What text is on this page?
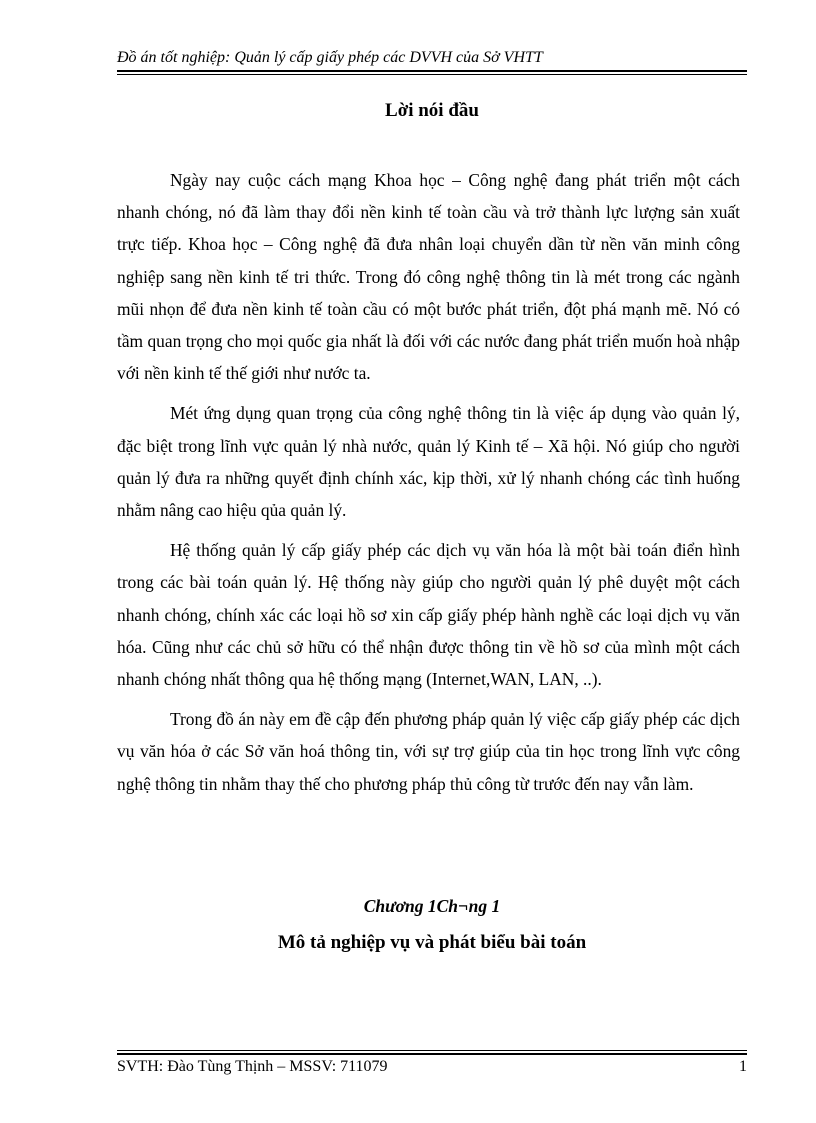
Đồ án tốt nghiệp: Quản lý cấp giấy phép các DVVH của Sở VHTT
Lời nói đầu

Ngày nay cuộc cách mạng Khoa học – Công nghệ đang phát triển một cách nhanh chóng, nó đã làm thay đổi nền kinh tế toàn cầu và trở thành lực lượng sản xuất trực tiếp. Khoa học – Công nghệ đã đưa nhân loại chuyển dần từ nền văn minh công nghiệp sang nền kinh tế tri thức. Trong đó công nghệ thông tin là mét trong các ngành mũi nhọn để đưa nền kinh tế toàn cầu có một bước phát triển, đột phá mạnh mẽ. Nó có tầm quan trọng cho mọi quốc gia nhất là đối với các nước đang phát triển muốn hoà nhập với nền kinh tế thế giới như nước ta.

Mét ứng dụng quan trọng của công nghệ thông tin là việc áp dụng vào quản lý, đặc biệt trong lĩnh vực quản lý nhà nước, quản lý Kinh tế – Xã hội. Nó giúp cho người quản lý đưa ra những quyết định chính xác, kịp thời, xử lý nhanh chóng các tình huống nhằm nâng cao hiệu qủa quản lý.

Hệ thống quản lý cấp giấy phép các dịch vụ văn hóa là một bài toán điển hình trong các bài toán quản lý. Hệ thống này giúp cho người quản lý phê duyệt một cách nhanh chóng, chính xác các loại hồ sơ xin cấp giấy phép hành nghề các loại dịch vụ văn hóa. Cũng như các chủ sở hữu có thể nhận được thông tin về hồ sơ của mình một cách nhanh chóng nhất thông qua hệ thống mạng (Internet,WAN, LAN, ..).

Trong đồ án này em đề cập đến phương pháp quản lý việc cấp giấy phép các dịch vụ văn hóa ở các Sở văn hoá thông tin, với sự trợ giúp của tin học trong lĩnh vực công nghệ thông tin nhằm thay thế cho phương pháp thủ công từ trước đến nay vẫn làm.

Chương 1Ch¬ng 1
Mô tả nghiệp vụ và phát biểu bài toán
SVTH: Đào Tùng Thịnh – MSSV: 711079	1
